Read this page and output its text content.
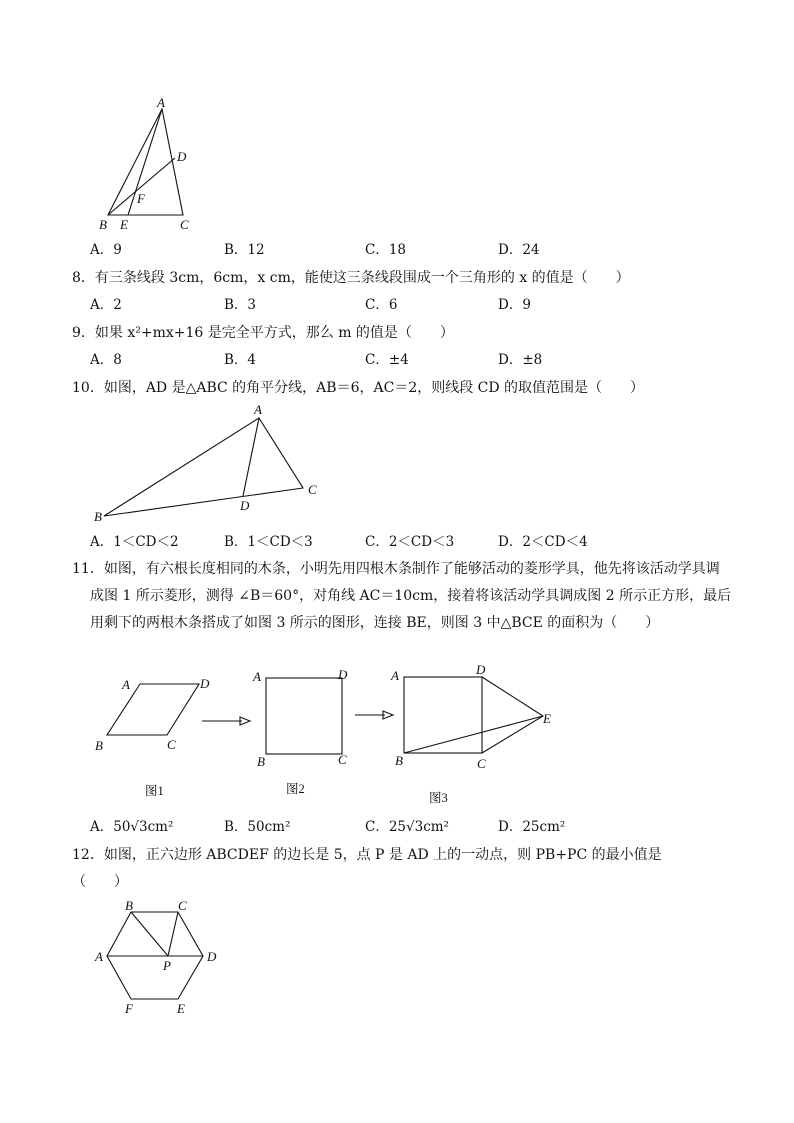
A
D
F
B E	C
A．9	B．12	C．18	D．24
8．有三条线段 3cm，6cm，x cm，能使这三条线段围成一个三角形的 x 的值是（　　）
A．2	B．3	C．6	D．9
9．如果 x²+mx+16 是完全平方式，那么 m 的值是（　　）
A．8	B．4	C．±4	D．±8
10．如图，AD 是△ABC 的角平分线，AB＝6，AC＝2，则线段 CD 的取值范围是（　　）
A
C
D
B
A．1＜CD＜2	B．1＜CD＜3	C．2＜CD＜3	D．2＜CD＜4
11．如图，有六根长度相同的木条，小明先用四根木条制作了能够活动的菱形学具，他先将该活动学具调
成图 1 所示菱形，测得 ∠B＝60°，对角线 AC＝10cm，接着将该活动学具调成图 2 所示正方形，最后
用剩下的两根木条搭成了如图 3 所示的图形，连接 BE，则图 3 中△BCE 的面积为（　　）
A	D
B	C
图1
A	D
B	C
图2
A	D
E
B	C
图3
A．50√3cm²	B．50cm²	C．25√3cm²	D．25cm²
12．如图，正六边形 ABCDEF 的边长是 5，点 P 是 AD 上的一动点，则 PB+PC 的最小值是
（　　）
B	C
A	D
P
F	E
